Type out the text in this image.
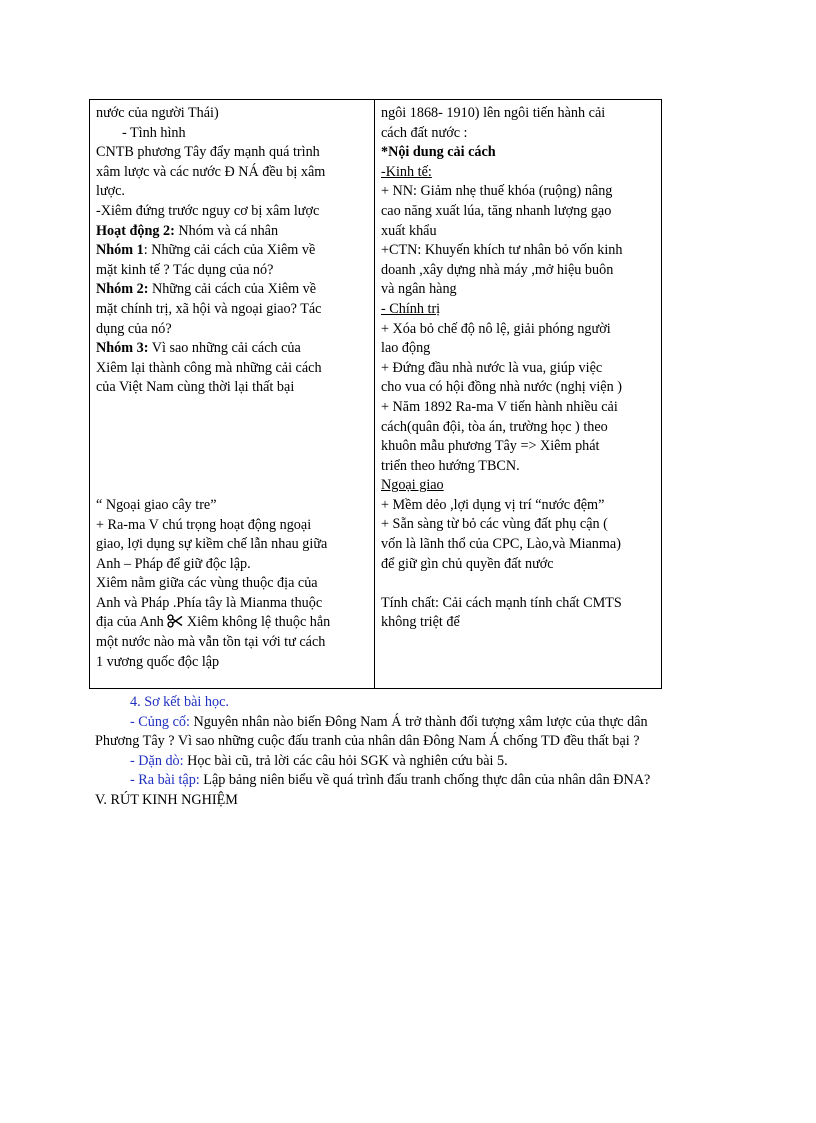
nước của người Thái)
- Tình hình
CNTB phương Tây đẩy mạnh quá trình
xâm lược và các nước Đ NÁ đều bị xâm
lược.
-Xiêm đứng trước nguy cơ bị xâm lược
Hoạt động 2: Nhóm và cá nhân
Nhóm 1: Những cải cách của Xiêm về
mặt kinh tế ? Tác dụng của nó?
Nhóm 2: Những cải cách của Xiêm về
mặt chính trị, xã hội và ngoại giao? Tác
dụng của nó?
Nhóm 3: Vì sao những cải cách của
Xiêm lại thành công mà những cải cách
của Việt Nam cùng thời lại thất bại
“ Ngoại giao cây tre”
+ Ra-ma V chú trọng hoạt động ngoại
giao, lợi dụng sự kiềm chế lẫn nhau giữa
Anh – Pháp để giữ độc lập.
Xiêm nằm giữa các vùng thuộc địa của
Anh và Pháp .Phía tây là Mianma thuộc
địa của Anh  Xiêm không lệ thuộc hẳn
một nước nào mà vẫn tồn tại với tư cách
1 vương quốc độc lập
ngôi 1868- 1910) lên ngôi tiến hành cải
cách đất nước :
*Nội dung cải cách
-Kinh tế:
+ NN: Giảm nhẹ thuế khóa (ruộng) nâng
cao năng xuất lúa, tăng nhanh lượng gạo
xuất khẩu
+CTN: Khuyến khích tư nhân bỏ vốn kinh
doanh ,xây dựng nhà máy ,mở hiệu buôn
và ngân hàng
- Chính trị
+ Xóa bỏ chế độ nô lệ, giải phóng người
lao động
+ Đứng đầu nhà nước là vua, giúp việc
cho vua có hội đồng nhà nước (nghị viện )
+ Năm 1892 Ra-ma V tiến hành nhiều cải
cách(quân đội, tòa án, trường học ) theo
khuôn mẫu phương Tây => Xiêm phát
triển theo hướng TBCN.
Ngoại giao
+ Mềm dẻo ,lợi dụng vị trí “nước đệm”
+ Sẵn sàng từ bỏ các vùng đất phụ cận (
vốn là lãnh thổ của CPC, Lào,và Mianma)
để giữ gìn chủ quyền đất nước
Tính chất: Cải cách mạnh tính chất CMTS
không triệt để
4. Sơ kết bài học.
- Củng cố: Nguyên nhân nào biến Đông Nam Á trở thành đối tượng xâm lược của thực dân
Phương Tây ? Vì sao những cuộc đấu tranh của nhân dân Đông Nam Á chống TD đều thất bại ?
- Dặn dò: Học bài cũ, trả lời các câu hỏi SGK và nghiên cứu bài 5.
- Ra bài tập: Lập bảng niên biểu về quá trình đấu tranh chống thực dân của nhân dân ĐNA?
V. RÚT KINH NGHIỆM
